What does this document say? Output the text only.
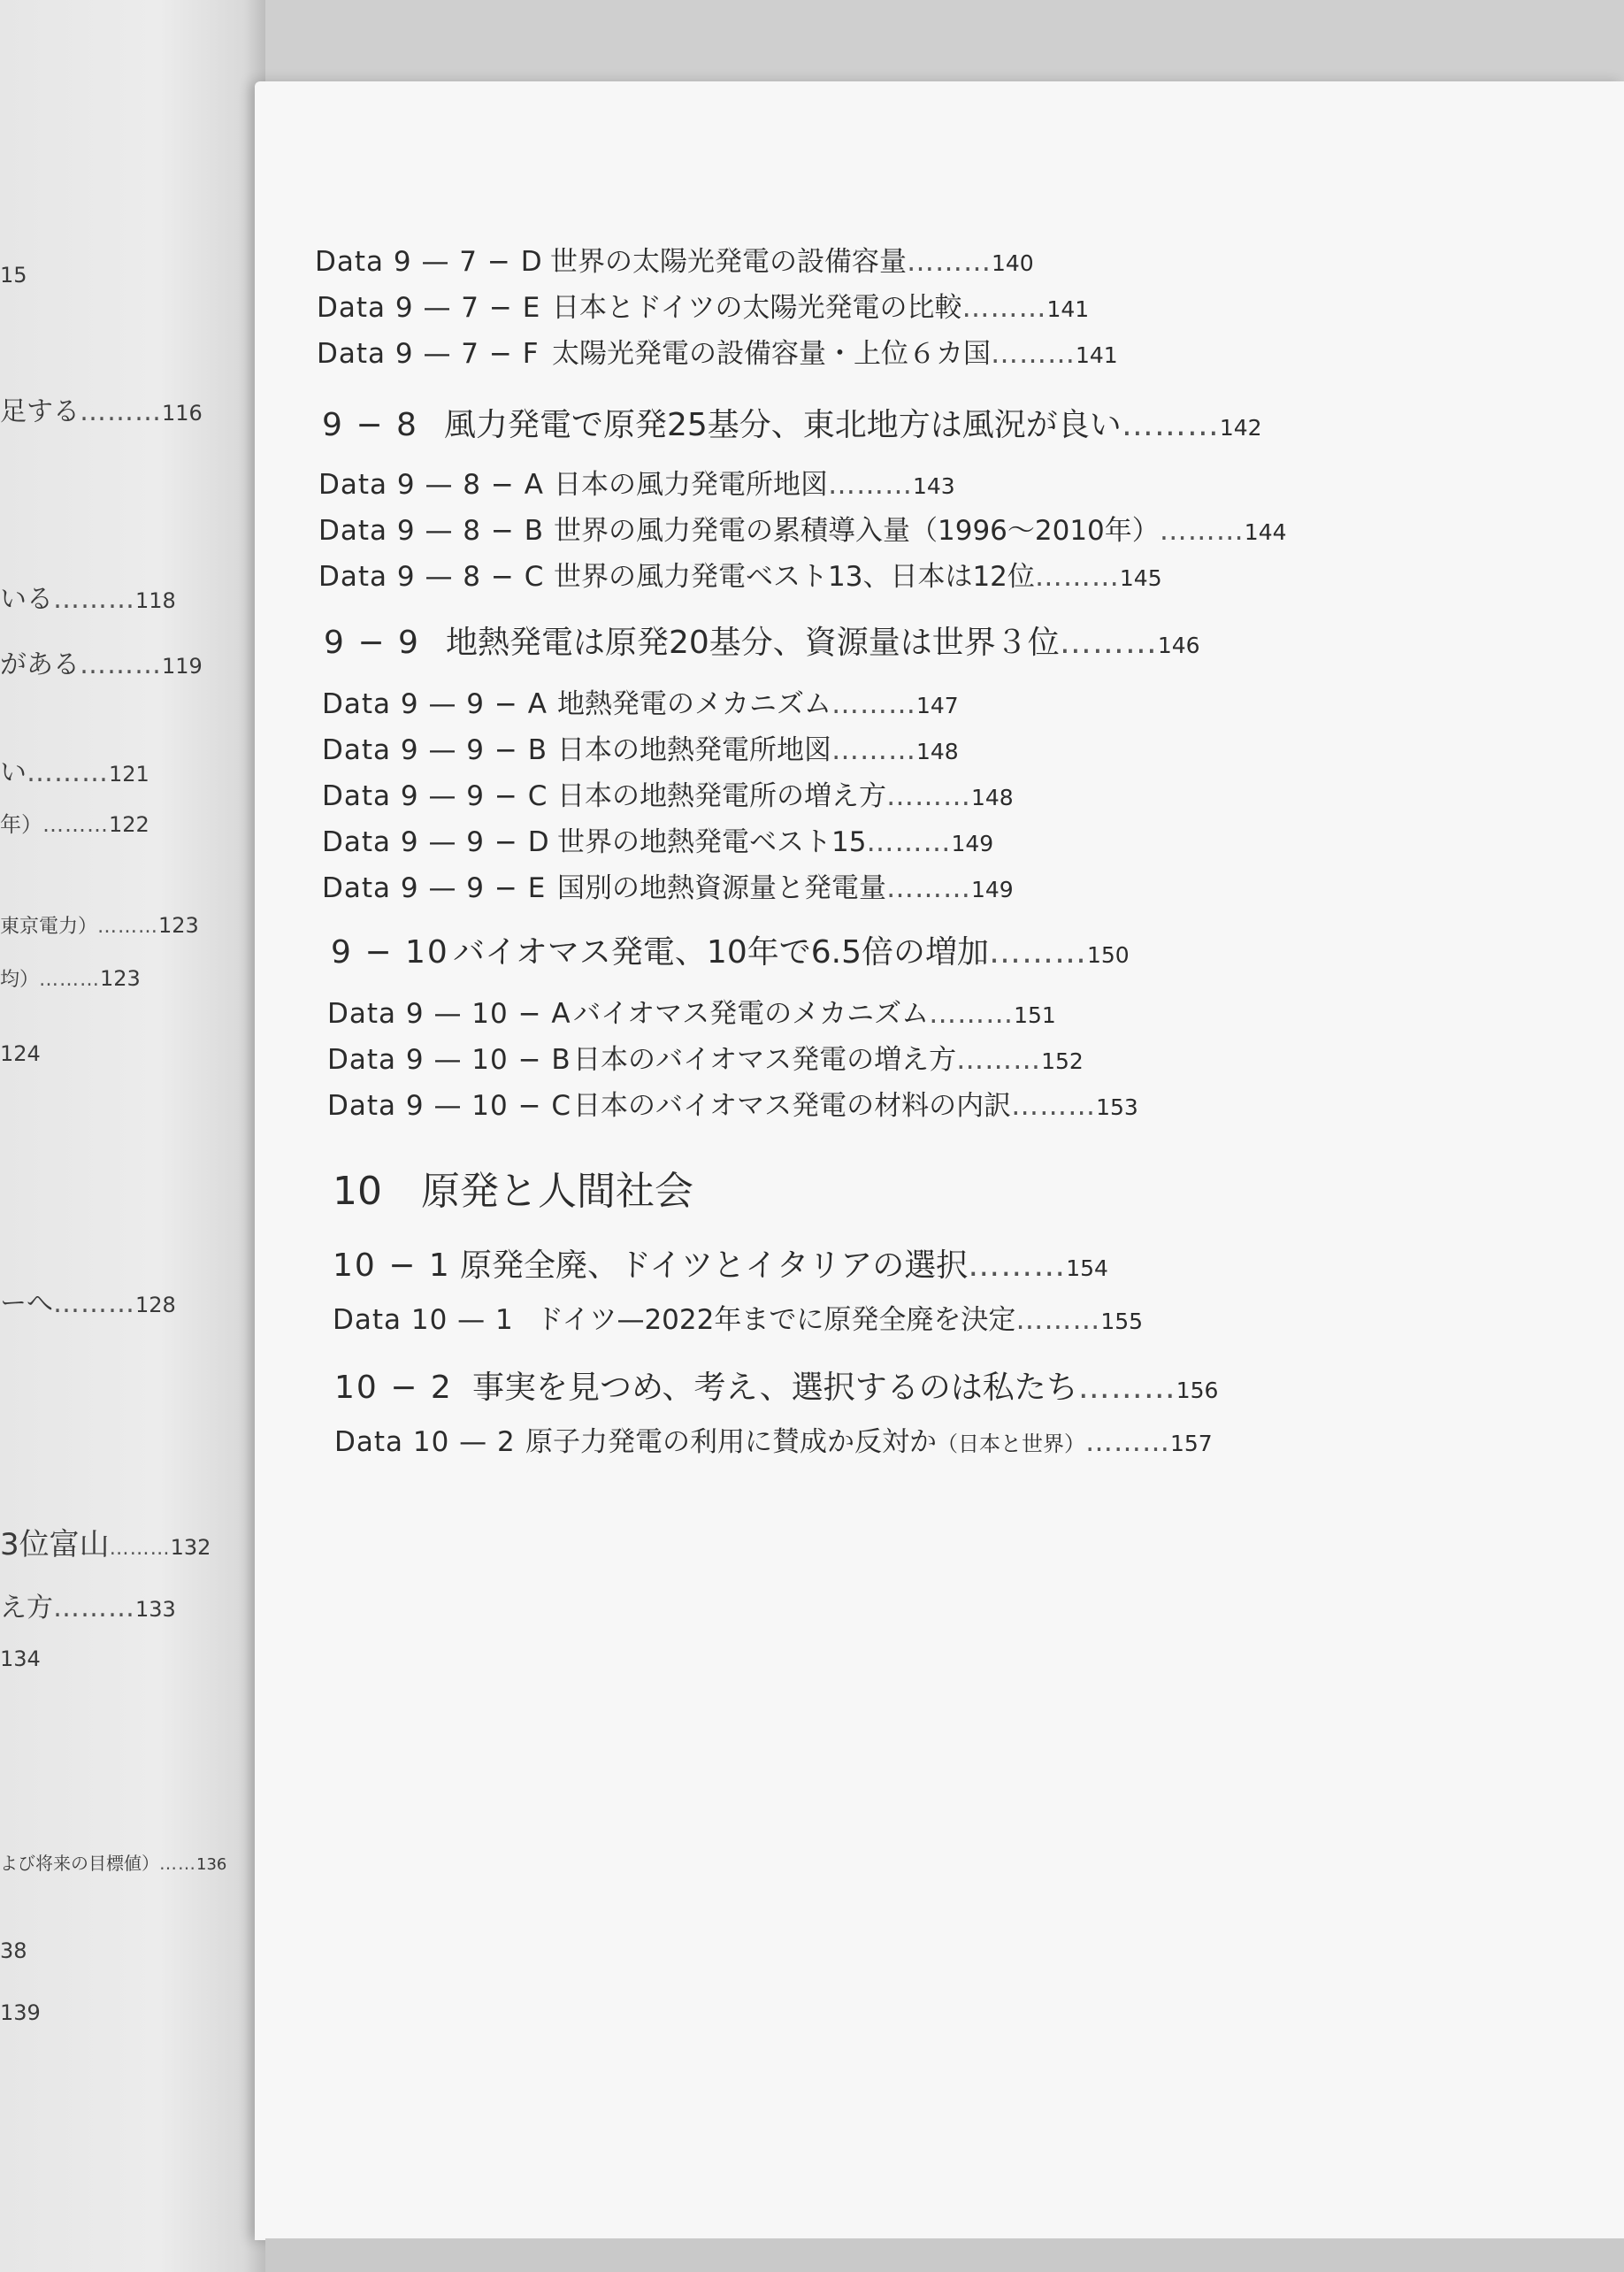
15
足する………116
いる………118
がある………119
い………121
年）………122
東京電力）………123
均）………123
124
ーへ………128
3位富山………132
え方………133
134
よび将来の目標値）……136
38
139
Data 9 — 7 − D 世界の太陽光発電の設備容量………140
Data 9 — 7 − E 日本とドイツの太陽光発電の比較………141
Data 9 — 7 − F 太陽光発電の設備容量・上位６カ国………141
9 − 8 風力発電で原発25基分、東北地方は風況が良い………142
Data 9 — 8 − A 日本の風力発電所地図………143
Data 9 — 8 − B 世界の風力発電の累積導入量（1996〜2010年）………144
Data 9 — 8 − C 世界の風力発電ベスト13、日本は12位………145
9 − 9 地熱発電は原発20基分、資源量は世界３位………146
Data 9 — 9 − A 地熱発電のメカニズム………147
Data 9 — 9 − B 日本の地熱発電所地図………148
Data 9 — 9 − C 日本の地熱発電所の増え方………148
Data 9 — 9 − D 世界の地熱発電ベスト15………149
Data 9 — 9 − E 国別の地熱資源量と発電量………149
9 − 10 バイオマス発電、10年で6.5倍の増加………150
Data 9 — 10 − Aバイオマス発電のメカニズム………151
Data 9 — 10 − B日本のバイオマス発電の増え方………152
Data 9 — 10 − C日本のバイオマス発電の材料の内訳………153
10 原発と人間社会
10 − 1 原発全廃、ドイツとイタリアの選択………154
Data 10 — 1 ドイツ—2022年までに原発全廃を決定………155
10 − 2 事実を見つめ、考え、選択するのは私たち………156
Data 10 — 2 原子力発電の利用に賛成か反対か（日本と世界）………157
